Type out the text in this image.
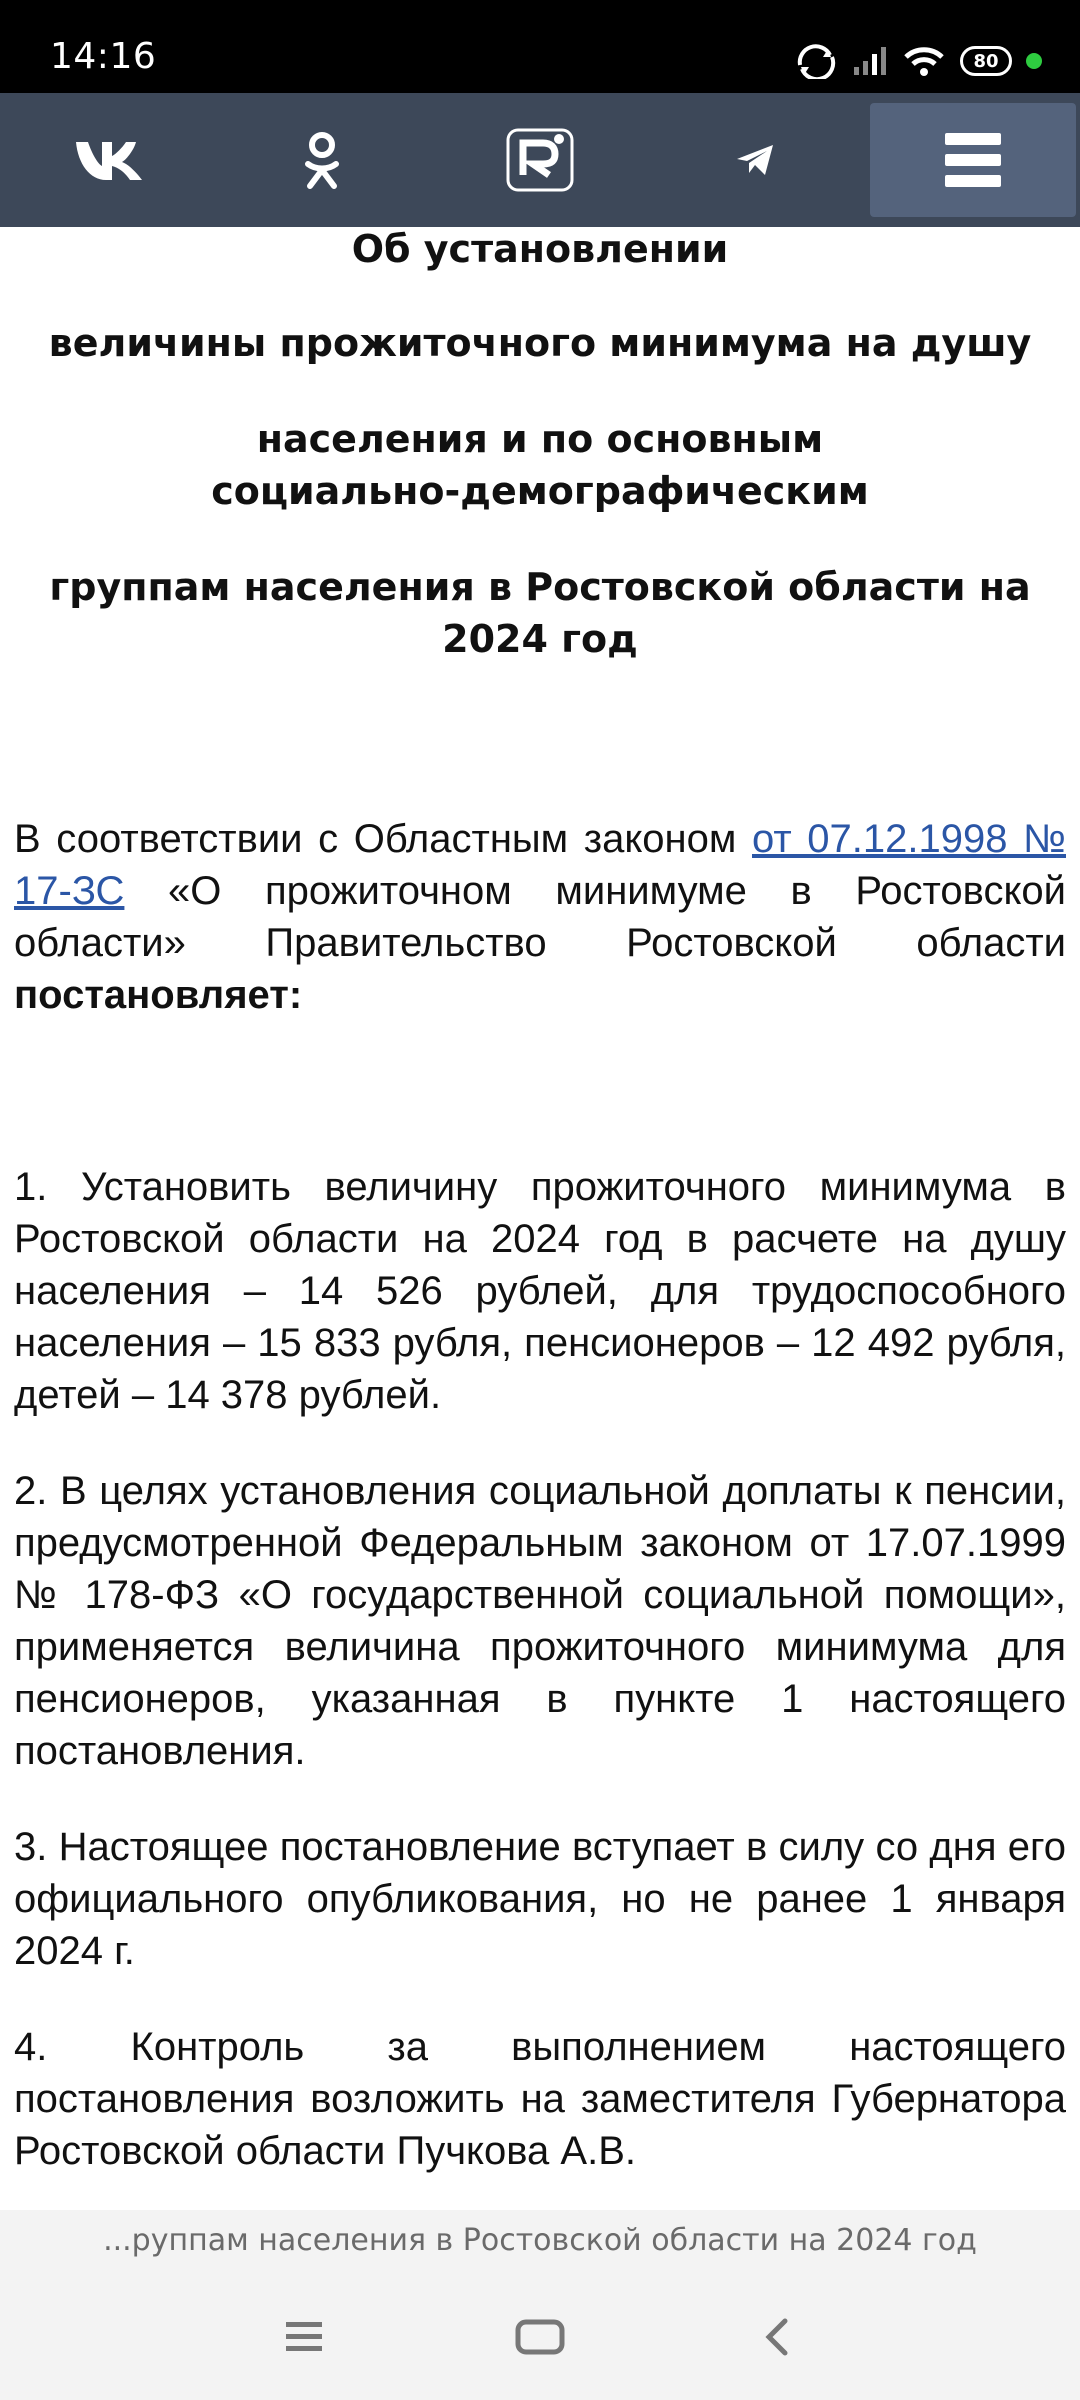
14:16	80

Об установлении

величины прожиточного минимума на душу

населения и по основным социально-демографическим

группам населения в Ростовской области на 2024 год

В соответствии с Областным законом от 07.12.1998 № 17-ЗС «О прожиточном минимуме в Ростовской области» Правительство Ростовской области постановляет:

1. Установить величину прожиточного минимума в Ростовской области на 2024 год в расчете на душу населения – 14 526 рублей, для трудоспособного населения – 15 833 рубля, пенсионеров – 12 492 рубля, детей – 14 378 рублей.

2. В целях установления социальной доплаты к пенсии, предусмотренной Федеральным законом от 17.07.1999 № 178-ФЗ «О государственной социальной помощи», применяется величина прожиточного минимума для пенсионеров, указанная в пункте 1 настоящего постановления.

3. Настоящее постановление вступает в силу со дня его официального опубликования, но не ранее 1 января 2024 г.

4. Контроль за выполнением настоящего постановления возложить на заместителя Губернатора Ростовской области Пучкова А.В.

...руппам населения в Ростовской области на 2024 год
